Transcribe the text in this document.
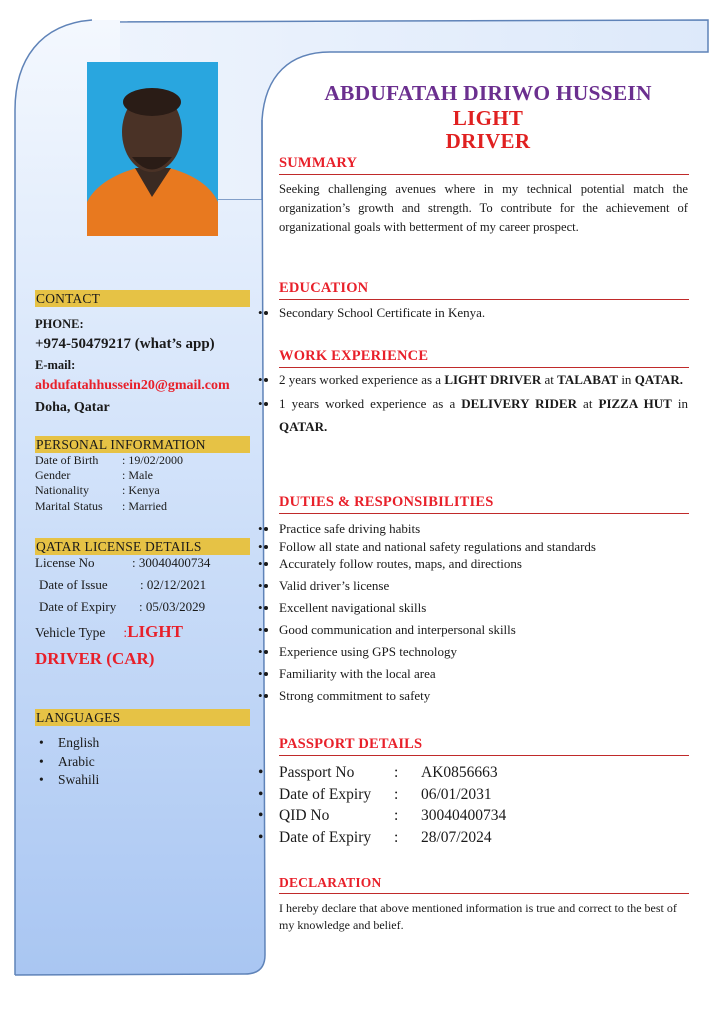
CONTACT
PHONE:
+974-50479217 (what’s app)
E-mail:
abdufatahhussein20@gmail.com
Doha, Qatar
PERSONAL INFORMATION
Date of Birth	: 19/02/2000
Gender	: Male
Nationality	: Kenya
Marital Status	: Married
QATAR LICENSE DETAILS
License No	: 30040400734
Date of Issue	: 02/12/2021
Date of Expiry	: 05/03/2029
Vehicle Type :LIGHT
DRIVER (CAR)
LANGUAGES
• English
• Arabic
• Swahili
ABDUFATAH DIRIWO HUSSEIN
LIGHT
DRIVER
SUMMARY
Seeking challenging avenues where in my technical potential match the organization’s growth and strength. To contribute for the achievement of organizational goals with betterment of my career prospect.
EDUCATION
• • Secondary School Certificate in Kenya.
WORK EXPERIENCE
• • 2 years worked experience as a LIGHT DRIVER at TALABAT in QATAR.
• • 1 years worked experience as a DELIVERY RIDER at PIZZA HUT in QATAR.
DUTIES & RESPONSIBILITIES
• • Practice safe driving habits
• • Follow all state and national safety regulations and standards
• • Accurately follow routes, maps, and directions
• • Valid driver’s license
• • Excellent navigational skills
• • Good communication and interpersonal skills
• • Experience using GPS technology
• • Familiarity with the local area
• • Strong commitment to safety
PASSPORT DETAILS
• Passport No	:	AK0856663
• Date of Expiry	:	06/01/2031
• QID No	:	30040400734
• Date of Expiry	:	28/07/2024
DECLARATION
I hereby declare that above mentioned information is true and correct to the best of my knowledge and belief.
